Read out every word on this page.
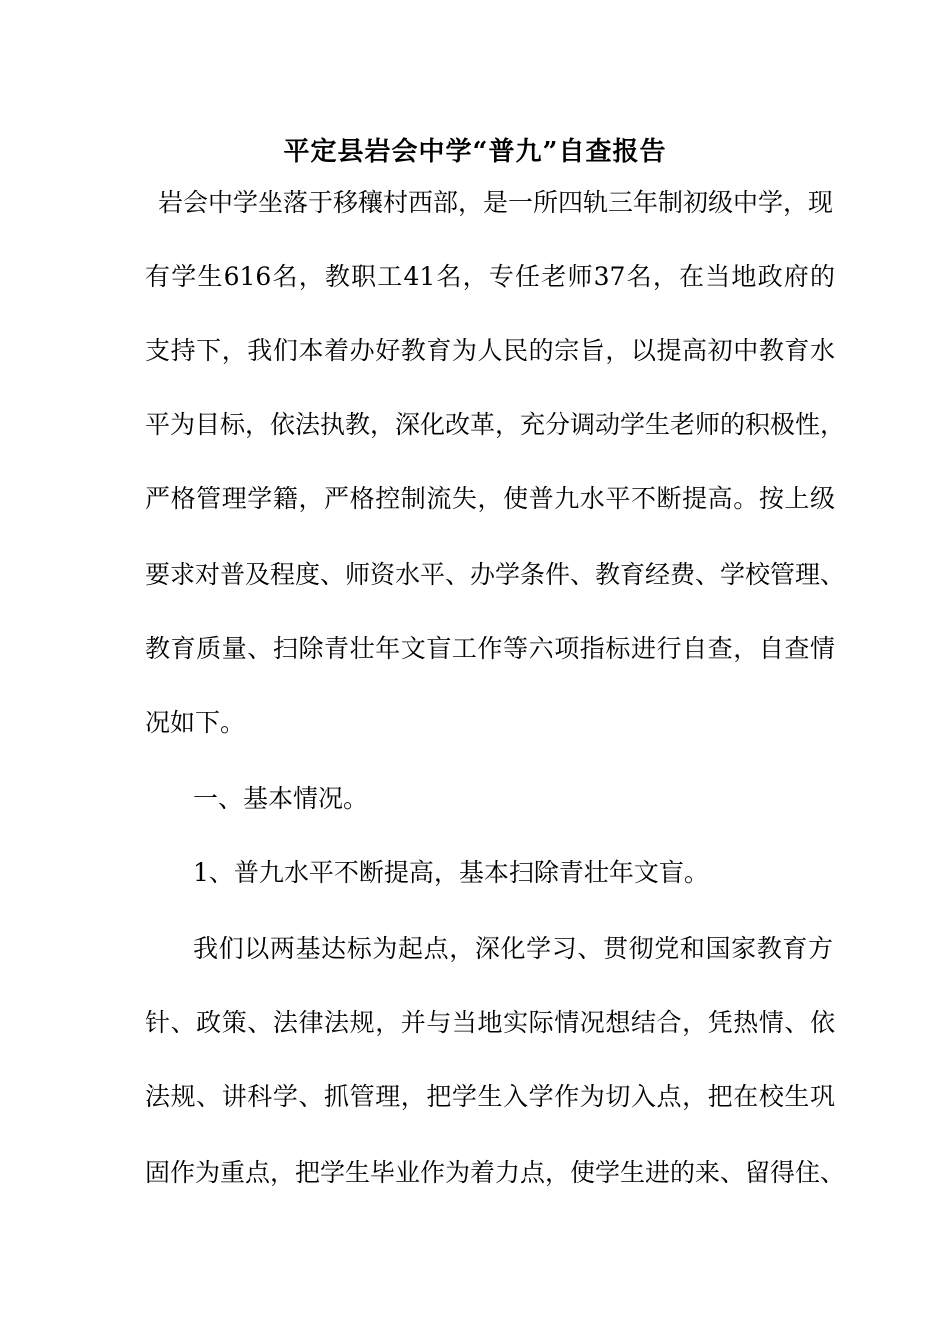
平定县岩会中学“普九”自查报告
岩会中学坐落于移穰村西部，是一所四轨三年制初级中学，现
有学生616名，教职工41名，专任老师37名，在当地政府的
支持下，我们本着办好教育为人民的宗旨，以提高初中教育水
平为目标，依法执教，深化改革，充分调动学生老师的积极性，
严格管理学籍，严格控制流失，使普九水平不断提高。按上级
要求对普及程度、师资水平、办学条件、教育经费、学校管理、
教育质量、扫除青壮年文盲工作等六项指标进行自查，自查情
况如下。
一、基本情况。
1、普九水平不断提高，基本扫除青壮年文盲。
我们以两基达标为起点，深化学习、贯彻党和国家教育方
针、政策、法律法规，并与当地实际情况想结合，凭热情、依
法规、讲科学、抓管理，把学生入学作为切入点，把在校生巩
固作为重点，把学生毕业作为着力点，使学生进的来、留得住、
